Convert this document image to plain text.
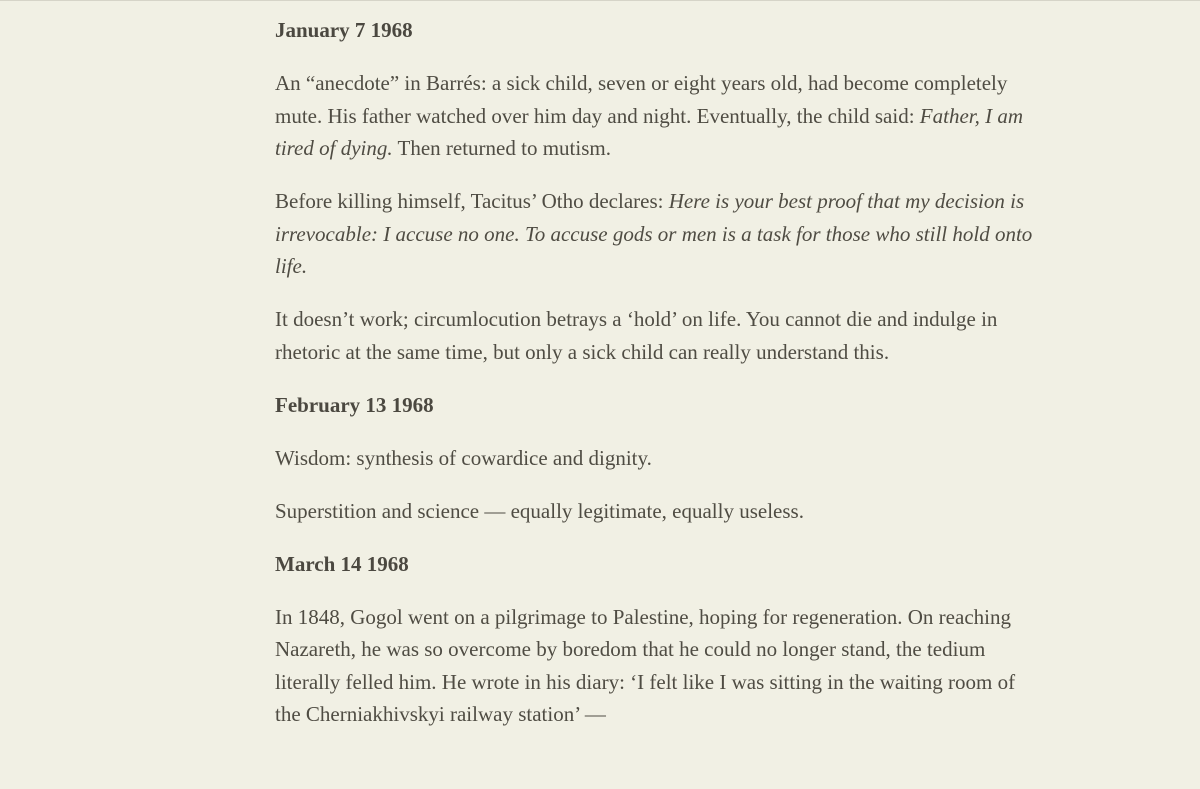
January 7 1968

An “anecdote” in Barrés: a sick child, seven or eight years old, had become completely mute. His father watched over him day and night. Eventually, the child said: Father, I am tired of dying. Then returned to mutism.

Before killing himself, Tacitus’ Otho declares: Here is your best proof that my decision is irrevocable: I accuse no one. To accuse gods or men is a task for those who still hold onto life.

It doesn’t work; circumlocution betrays a ‘hold’ on life. You cannot die and indulge in rhetoric at the same time, but only a sick child can really understand this.

February 13 1968

Wisdom: synthesis of cowardice and dignity.

Superstition and science — equally legitimate, equally useless.

March 14 1968

In 1848, Gogol went on a pilgrimage to Palestine, hoping for regeneration. On reaching Nazareth, he was so overcome by boredom that he could no longer stand, the tedium literally felled him. He wrote in his diary: ‘I felt like I was sitting in the waiting room of the Cherniakhivskyi railway station’ —
